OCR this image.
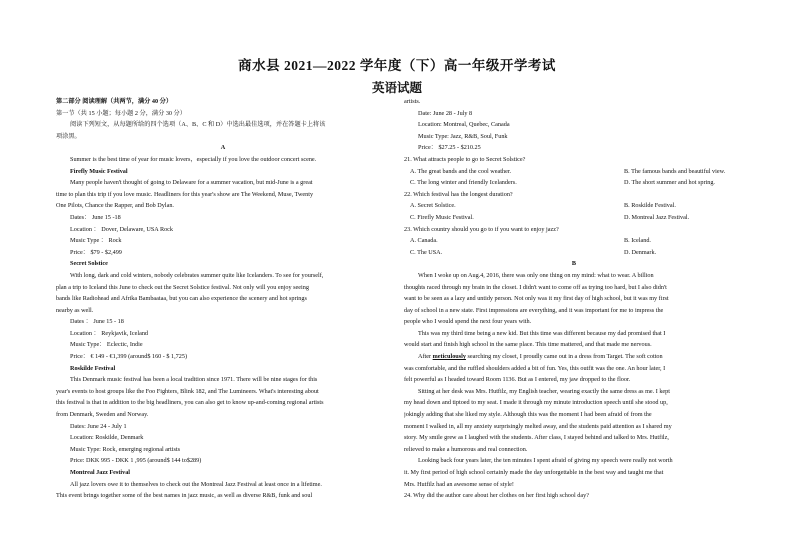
商水县 2021—2022 学年度（下）高一年级开学考试
英语试题
第二部分 阅读理解（共两节，满分 40 分）
第一节（共 15 小题；每小题 2 分，满分 30 分）
阅读下列短文，从每题所给的四个选项（A、B、C 和 D）中选出最佳选项，并在答题卡上将该
项涂黑。
A
Summer is the best time of year for music lovers，especially if you love the outdoor concert scene.
Firefly Music Festival
Many people haven't thought of going to Delaware for a summer vacation, but mid-June is a great
time to plan this trip if you love music. Headliners for this year's show are The Weekend, Muse, Twenty
One Pilots, Chance the Rapper, and Bob Dylan.
Dates： June 15 -18
Location ： Dover, Delaware, USA Rock
Music Type ： Rock
Price： $79 - $2,499
Secret Solstice
With long, dark and cold winters, nobody celebrates summer quite like Icelanders. To see for yourself,
plan a trip to Iceland this June to check out the Secret Solstice festival. Not only will you enjoy seeing
bands like Radiohead and Afrika Bambaataa, but you can also experience the scenery and hot springs
nearby as well.
Dates ： June 15 - 18
Location ： Reykjavik, Iceland
Music Type： Eclectic, Indie
Price： € 149 - €1,399 (around$ 160 - $ 1,725)
Roskilde Festival
This Denmark music festival has been a local tradition since 1971. There will be nine stages for this
year's events to host groups like the Foo Fighters, Blink 182, and The Lumineers. What's interesting about
this festival is that in addition to the big headliners, you can also get to know up-and-coming regional artists
from Denmark, Sweden and Norway.
Dates: June 24 - July 1
Location: Roskilde, Denmark
Music Type: Rock, emerging regional artists
Price: DKK 995 - DKK 1 ,995 (around$ 144 to$289)
Montreal Jazz Festival
All jazz lovers owe it to themselves to check out the Montreal Jazz Festival at least once in a lifetime.
This event brings together some of the best names in jazz music, as well as diverse R&B, funk and soul
artists.
Date: June 28 - July 8
Location: Montreal, Quebec, Canada
Music Type: Jazz, R&B, Soul, Funk
Price： $27.25 - $210.25
21. What attracts people to go to Secret Solstice?
A. The great bands and the cool weather.	B. The famous bands and beautiful view.
C. The long winter and friendly Icelanders.	D. The short summer and hot spring.
22. Which festival has the longest duration?
A. Secret Solstice.	B. Roskilde Festival.
C. Firefly Music Festival.	D. Montreal Jazz Festival.
23. Which country should you go to if you want to enjoy jazz?
A. Canada.	B. Iceland.
C. The USA.	D. Denmark.
B
When I woke up on Aug.4, 2016, there was only one thing on my mind: what to wear. A billion
thoughts raced through my brain in the closet. I didn't want to come off as trying too hard, but I also didn't
want to be seen as a lazy and untidy person. Not only was it my first day of high school, but it was my first
day of school in a new state. First impressions are everything, and it was important for me to impress the
people who I would spend the next four years with.
This was my third time being a new kid. But this time was different because my dad promised that I
would start and finish high school in the same place. This time mattered, and that made me nervous.
After meticulously searching my closet, I proudly came out in a dress from Target. The soft cotton
was comfortable, and the ruffled shoulders added a bit of fun. Yes, this outfit was the one. An hour later, I
felt powerful as I headed toward Room 1136. But as I entered, my jaw dropped to the floor.
Sitting at her desk was Mrs. Hutfilz, my English teacher, wearing exactly the same dress as me. I kept
my head down and tiptoed to my seat. I made it through my minute introduction speech until she stood up,
jokingly adding that she liked my style. Although this was the moment I had been afraid of from the
moment I walked in, all my anxiety surprisingly melted away, and the students paid attention as I shared my
story. My smile grew as I laughed with the students. After class, I stayed behind and talked to Mrs. Hutfilz,
relieved to make a humorous and real connection.
Looking back four years later, the ten minutes I spent afraid of giving my speech were really not worth
it. My first period of high school certainly made the day unforgettable in the best way and taught me that
Mrs. Hutfilz had an awesome sense of style!
24. Why did the author care about her clothes on her first high school day?
